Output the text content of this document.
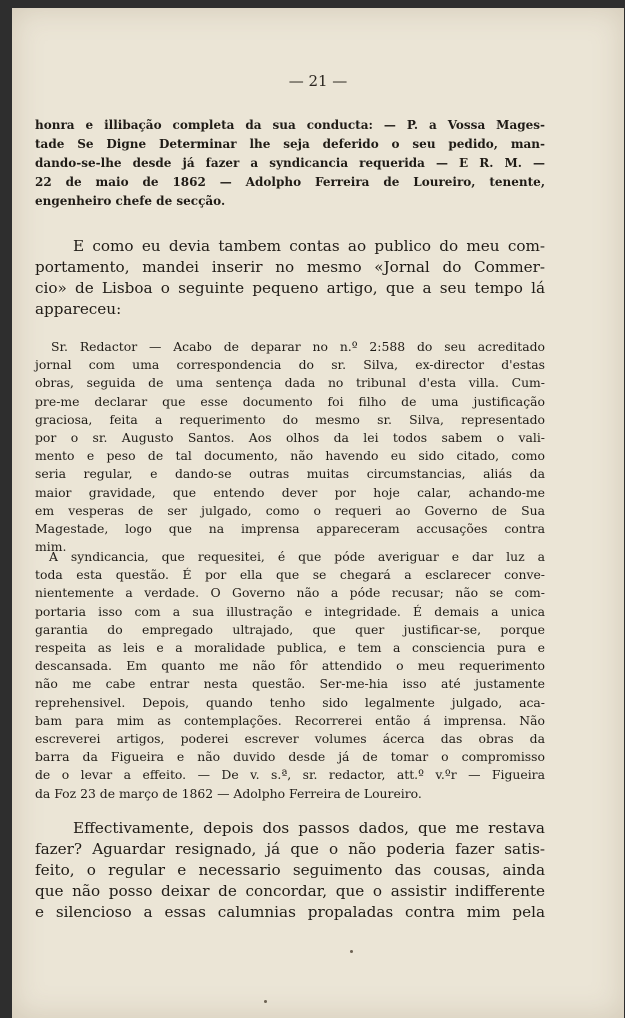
— 21 —

honra e illibação completa da sua conducta: — P. a Vossa Mages-
tade Se Digne Determinar lhe seja deferido o seu pedido, man-
dando-se-lhe desde já fazer a syndicancia requerida — E R. M. —
22 de maio de 1862 — Adolpho Ferreira de Loureiro, tenente,
engenheiro chefe de secção.

E como eu devia tambem contas ao publico do meu com-
portamento, mandei inserir no mesmo «Jornal do Commer-
cio» de Lisboa o seguinte pequeno artigo, que a seu tempo lá
appareceu:

Sr. Redactor — Acabo de deparar no n.º 2:588 do seu acreditado
jornal com uma correspondencia do sr. Silva, ex-director d'estas
obras, seguida de uma sentença dada no tribunal d'esta villa. Cum-
pre-me declarar que esse documento foi filho de uma justificação
graciosa, feita a requerimento do mesmo sr. Silva, representado
por o sr. Augusto Santos. Aos olhos da lei todos sabem o vali-
mento e peso de tal documento, não havendo eu sido citado, como
seria regular, e dando-se outras muitas circumstancias, aliás da
maior gravidade, que entendo dever por hoje calar, achando-me
em vesperas de ser julgado, como o requeri ao Governo de Sua
Magestade, logo que na imprensa appareceram accusações contra
mim.

A syndicancia, que requesitei, é que póde averiguar e dar luz a
toda esta questão. É por ella que se chegará a esclarecer conve-
nientemente a verdade. O Governo não a póde recusar; não se com-
portaria isso com a sua illustração e integridade. É demais a unica
garantia do empregado ultrajado, que quer justificar-se, porque
respeita as leis e a moralidade publica, e tem a consciencia pura e
descansada. Em quanto me não fôr attendido o meu requerimento
não me cabe entrar nesta questão. Ser-me-hia isso até justamente
reprehensivel. Depois, quando tenho sido legalmente julgado, aca-
bam para mim as contemplações. Recorrerei então á imprensa. Não
escreverei artigos, poderei escrever volumes ácerca das obras da
barra da Figueira e não duvido desde já de tomar o compromisso
de o levar a effeito. — De v. s.ª, sr. redactor, att.º v.ºr — Figueira
da Foz 23 de março de 1862 — Adolpho Ferreira de Loureiro.

Effectivamente, depois dos passos dados, que me restava
fazer? Aguardar resignado, já que o não poderia fazer satis-
feito, o regular e necessario seguimento das cousas, ainda
que não posso deixar de concordar, que o assistir indifferente
e silencioso a essas calumnias propaladas contra mim pela
